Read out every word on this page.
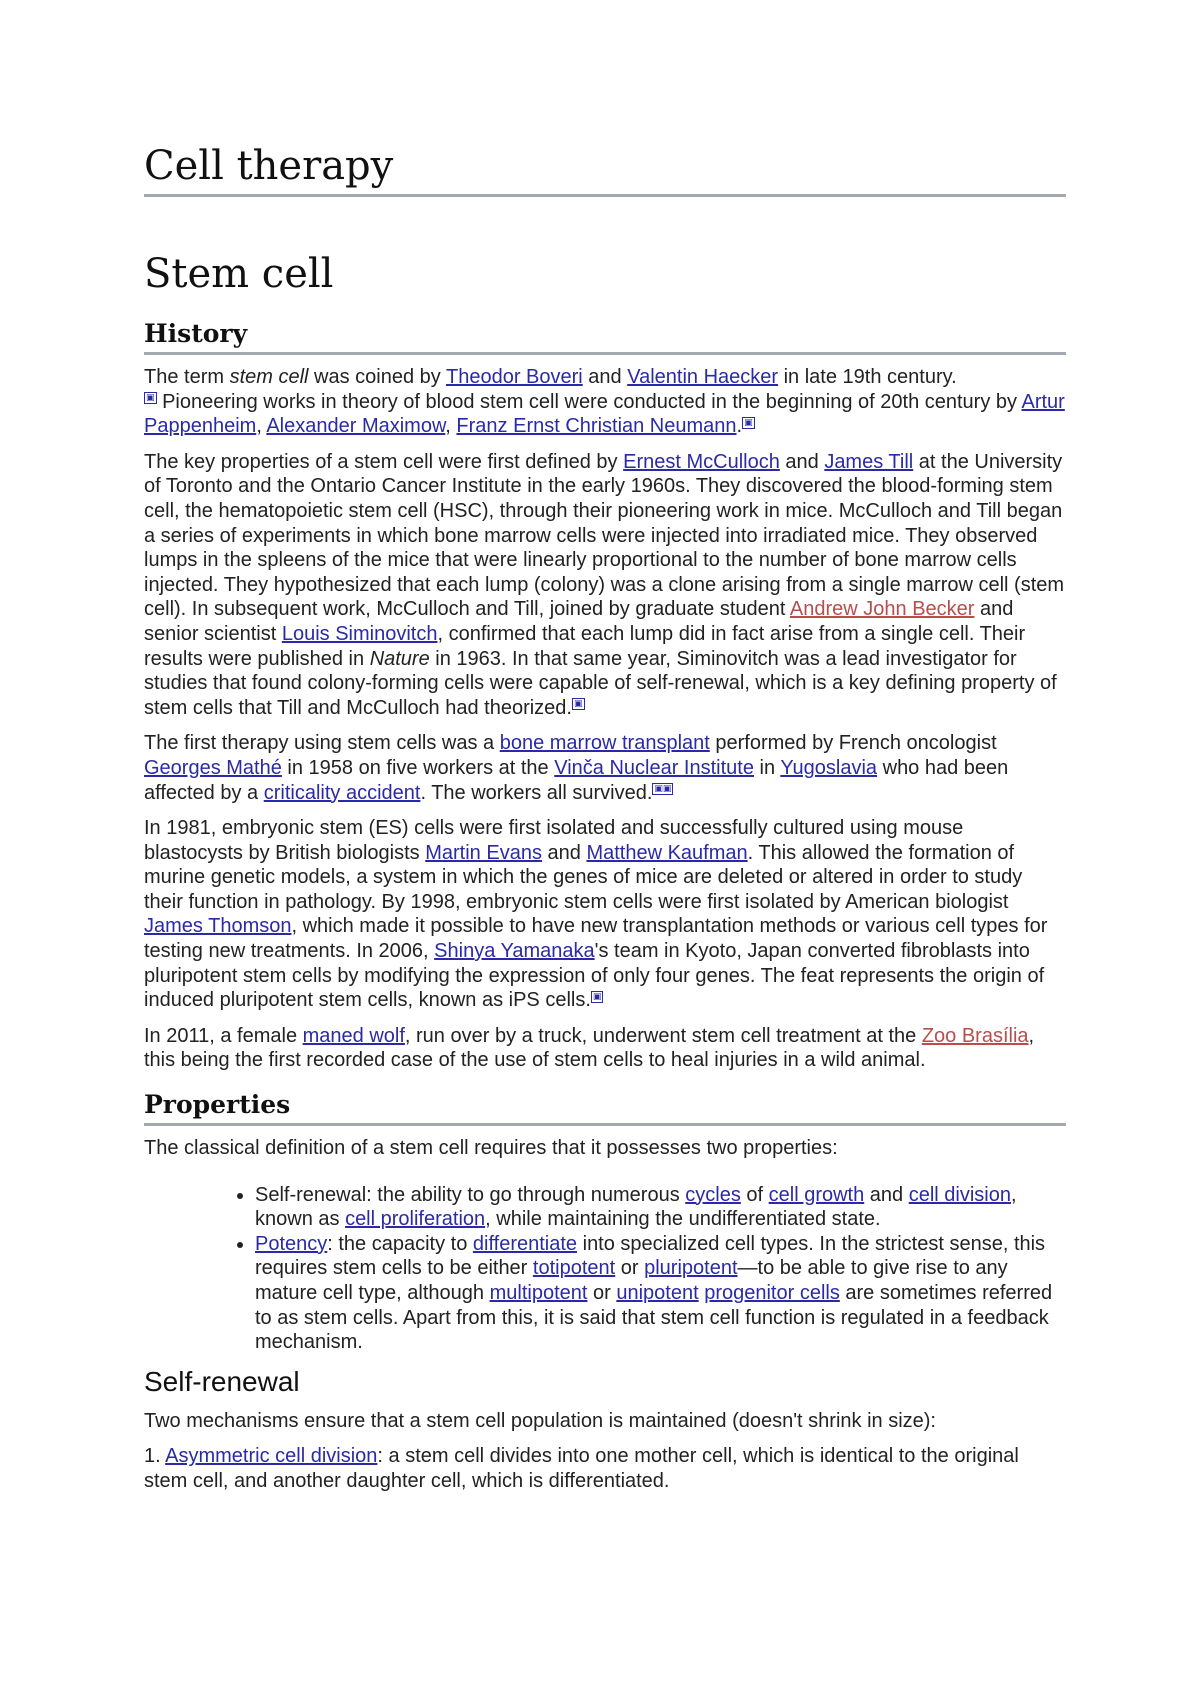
Cell therapy
Stem cell
History

The term stem cell was coined by Theodor Boveri and Valentin Haecker in late 19th century.
▣ Pioneering works in theory of blood stem cell were conducted in the beginning of 20th century by Artur Pappenheim, Alexander Maximow, Franz Ernst Christian Neumann. ▣

The key properties of a stem cell were first defined by Ernest McCulloch and James Till at the University of Toronto and the Ontario Cancer Institute in the early 1960s. They discovered the blood-forming stem cell, the hematopoietic stem cell (HSC), through their pioneering work in mice. McCulloch and Till began a series of experiments in which bone marrow cells were injected into irradiated mice. They observed lumps in the spleens of the mice that were linearly proportional to the number of bone marrow cells injected. They hypothesized that each lump (colony) was a clone arising from a single marrow cell (stem cell). In subsequent work, McCulloch and Till, joined by graduate student Andrew John Becker and senior scientist Louis Siminovitch, confirmed that each lump did in fact arise from a single cell. Their results were published in Nature in 1963. In that same year, Siminovitch was a lead investigator for studies that found colony-forming cells were capable of self-renewal, which is a key defining property of stem cells that Till and McCulloch had theorized. ▣

The first therapy using stem cells was a bone marrow transplant performed by French oncologist Georges Mathé in 1958 on five workers at the Vinča Nuclear Institute in Yugoslavia who had been affected by a criticality accident. The workers all survived. ▣▣

In 1981, embryonic stem (ES) cells were first isolated and successfully cultured using mouse blastocysts by British biologists Martin Evans and Matthew Kaufman. This allowed the formation of murine genetic models, a system in which the genes of mice are deleted or altered in order to study their function in pathology. By 1998, embryonic stem cells were first isolated by American biologist James Thomson, which made it possible to have new transplantation methods or various cell types for testing new treatments. In 2006, Shinya Yamanaka's team in Kyoto, Japan converted fibroblasts into pluripotent stem cells by modifying the expression of only four genes. The feat represents the origin of induced pluripotent stem cells, known as iPS cells. ▣

In 2011, a female maned wolf, run over by a truck, underwent stem cell treatment at the Zoo Brasília, this being the first recorded case of the use of stem cells to heal injuries in a wild animal.

Properties

The classical definition of a stem cell requires that it possesses two properties:

• Self-renewal: the ability to go through numerous cycles of cell growth and cell division, known as cell proliferation, while maintaining the undifferentiated state.
• Potency: the capacity to differentiate into specialized cell types. In the strictest sense, this requires stem cells to be either totipotent or pluripotent—to be able to give rise to any mature cell type, although multipotent or unipotent progenitor cells are sometimes referred to as stem cells. Apart from this, it is said that stem cell function is regulated in a feedback mechanism.
Self-renewal

Two mechanisms ensure that a stem cell population is maintained (doesn't shrink in size):

1. Asymmetric cell division: a stem cell divides into one mother cell, which is identical to the original stem cell, and another daughter cell, which is differentiated.
